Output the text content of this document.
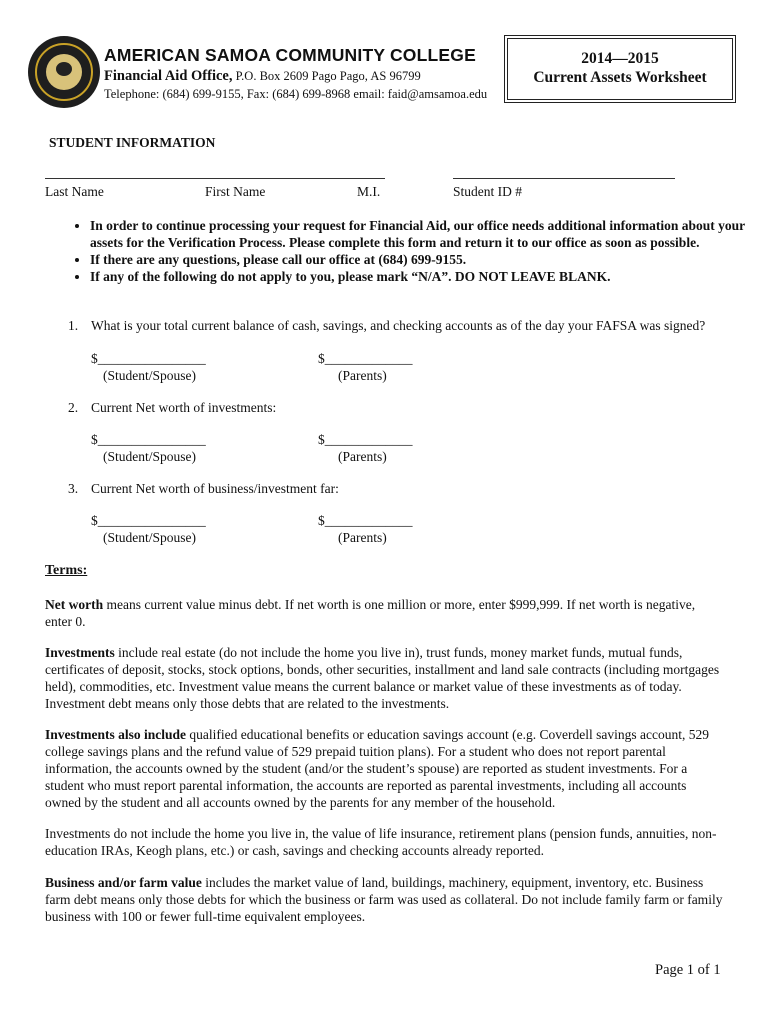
AMERICAN SAMOA COMMUNITY COLLEGE
Financial Aid Office, P.O. Box 2609 Pago Pago, AS 96799
Telephone: (684) 699-9155, Fax: (684) 699-8968 email: faid@amsamoa.edu
2014—2015
Current Assets Worksheet
STUDENT INFORMATION
Last Name	First Name	M.I.	Student ID #
• In order to continue processing your request for Financial Aid, our office needs additional information about your assets for the Verification Process. Please complete this form and return it to our office as soon as possible.
• If there are any questions, please call our office at (684) 699-9155.
• If any of the following do not apply to you, please mark “N/A”. DO NOT LEAVE BLANK.
1. What is your total current balance of cash, savings, and checking accounts as of the day your FAFSA was signed?
$________________	$_____________
(Student/Spouse)	(Parents)
2. Current Net worth of investments:
$________________	$_____________
(Student/Spouse)	(Parents)
3. Current Net worth of business/investment far:
$________________	$_____________
(Student/Spouse)	(Parents)
Terms:
Net worth means current value minus debt. If net worth is one million or more, enter $999,999. If net worth is negative, enter 0.
Investments include real estate (do not include the home you live in), trust funds, money market funds, mutual funds, certificates of deposit, stocks, stock options, bonds, other securities, installment and land sale contracts (including mortgages held), commodities, etc. Investment value means the current balance or market value of these investments as of today. Investment debt means only those debts that are related to the investments.
Investments also include qualified educational benefits or education savings account (e.g. Coverdell savings account, 529 college savings plans and the refund value of 529 prepaid tuition plans). For a student who does not report parental information, the accounts owned by the student (and/or the student’s spouse) are reported as student investments. For a student who must report parental information, the accounts are reported as parental investments, including all accounts owned by the student and all accounts owned by the parents for any member of the household.
Investments do not include the home you live in, the value of life insurance, retirement plans (pension funds, annuities, non-education IRAs, Keogh plans, etc.) or cash, savings and checking accounts already reported.
Business and/or farm value includes the market value of land, buildings, machinery, equipment, inventory, etc. Business farm debt means only those debts for which the business or farm was used as collateral. Do not include family farm or family business with 100 or fewer full-time equivalent employees.
Page 1 of 1
